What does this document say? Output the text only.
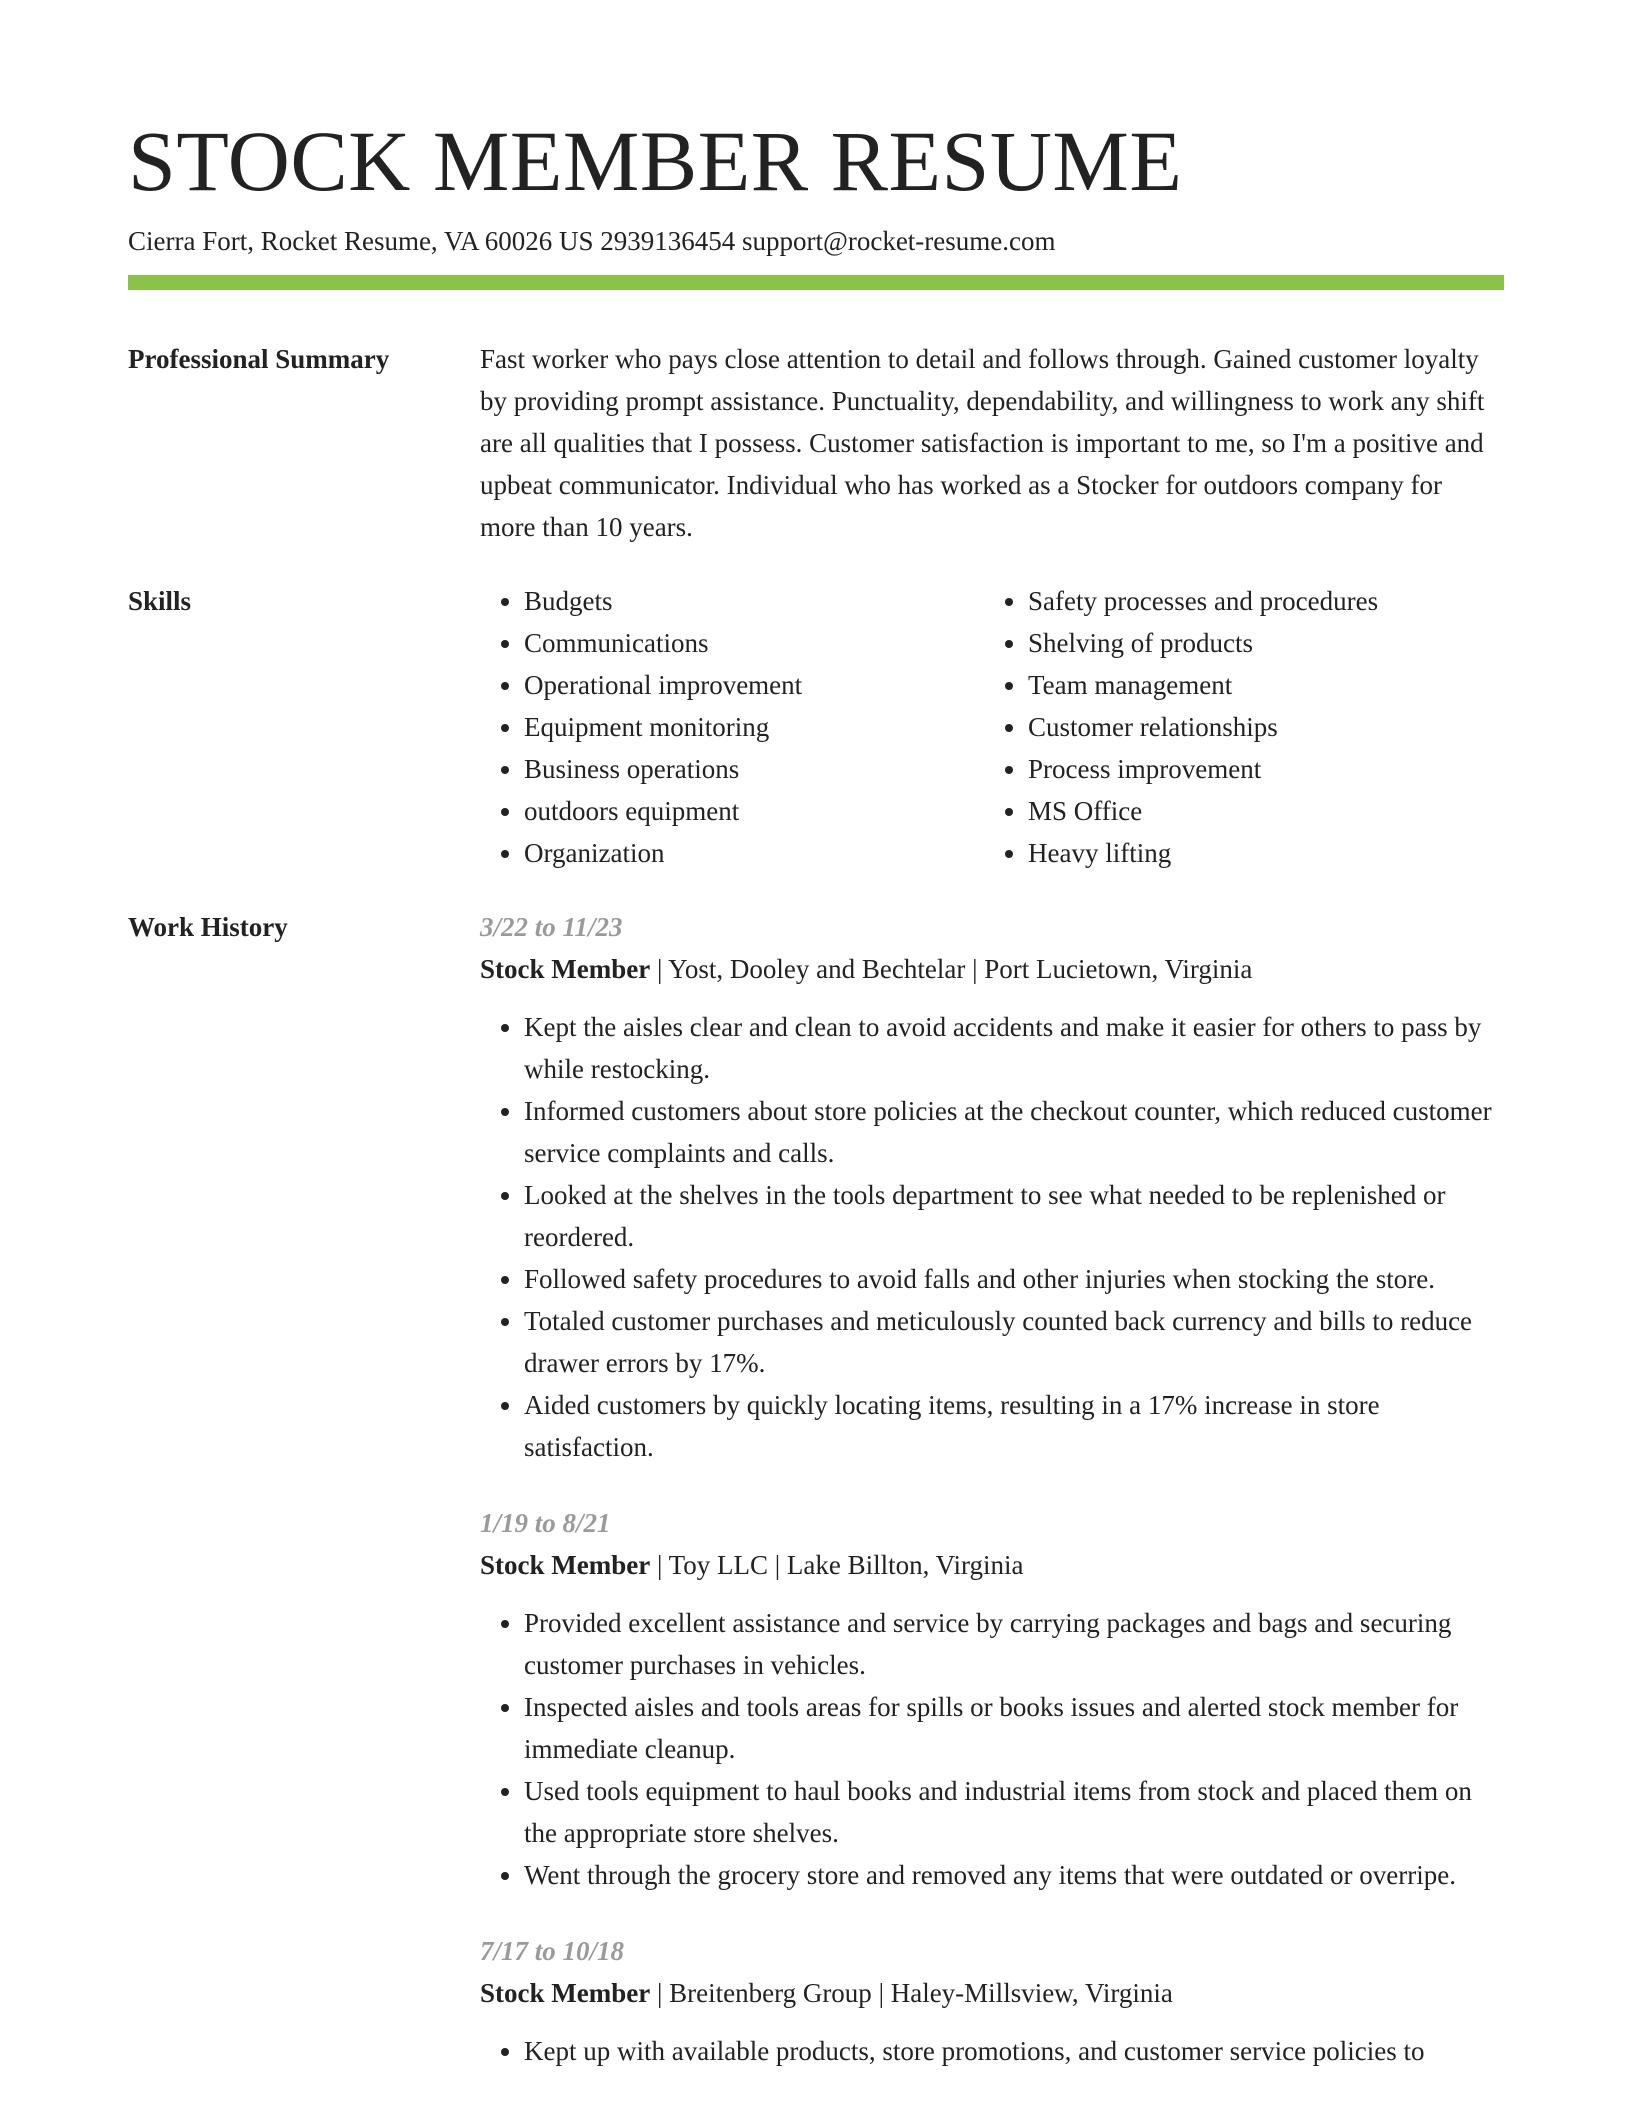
STOCK MEMBER RESUME
Cierra Fort, Rocket Resume, VA 60026 US 2939136454 support@rocket-resume.com
Professional Summary	Fast worker who pays close attention to detail and follows through. Gained customer loyalty by providing prompt assistance. Punctuality, dependability, and willingness to work any shift are all qualities that I possess. Customer satisfaction is important to me, so I'm a positive and upbeat communicator. Individual who has worked as a Stocker for outdoors company for more than 10 years.
Skills
•	Budgets
• Communications
• Operational improvement
• Equipment monitoring
• Business operations
• outdoors equipment
• Organization
• Safety processes and procedures
• Shelving of products
• Team management
• Customer relationships
• Process improvement
• MS Office
• Heavy lifting
Work History	3/22 to 11/23
Stock Member | Yost, Dooley and Bechtelar | Port Lucietown, Virginia
• Kept the aisles clear and clean to avoid accidents and make it easier for others to pass by while restocking.
• Informed customers about store policies at the checkout counter, which reduced customer service complaints and calls.
• Looked at the shelves in the tools department to see what needed to be replenished or reordered.
• Followed safety procedures to avoid falls and other injuries when stocking the store.
• Totaled customer purchases and meticulously counted back currency and bills to reduce drawer errors by 17%.
• Aided customers by quickly locating items, resulting in a 17% increase in store satisfaction.
1/19 to 8/21
Stock Member | Toy LLC | Lake Billton, Virginia
• Provided excellent assistance and service by carrying packages and bags and securing customer purchases in vehicles.
• Inspected aisles and tools areas for spills or books issues and alerted stock member for immediate cleanup.
• Used tools equipment to haul books and industrial items from stock and placed them on the appropriate store shelves.
• Went through the grocery store and removed any items that were outdated or overripe.
7/17 to 10/18
Stock Member | Breitenberg Group | Haley-Millsview, Virginia
• Kept up with available products, store promotions, and customer service policies to
